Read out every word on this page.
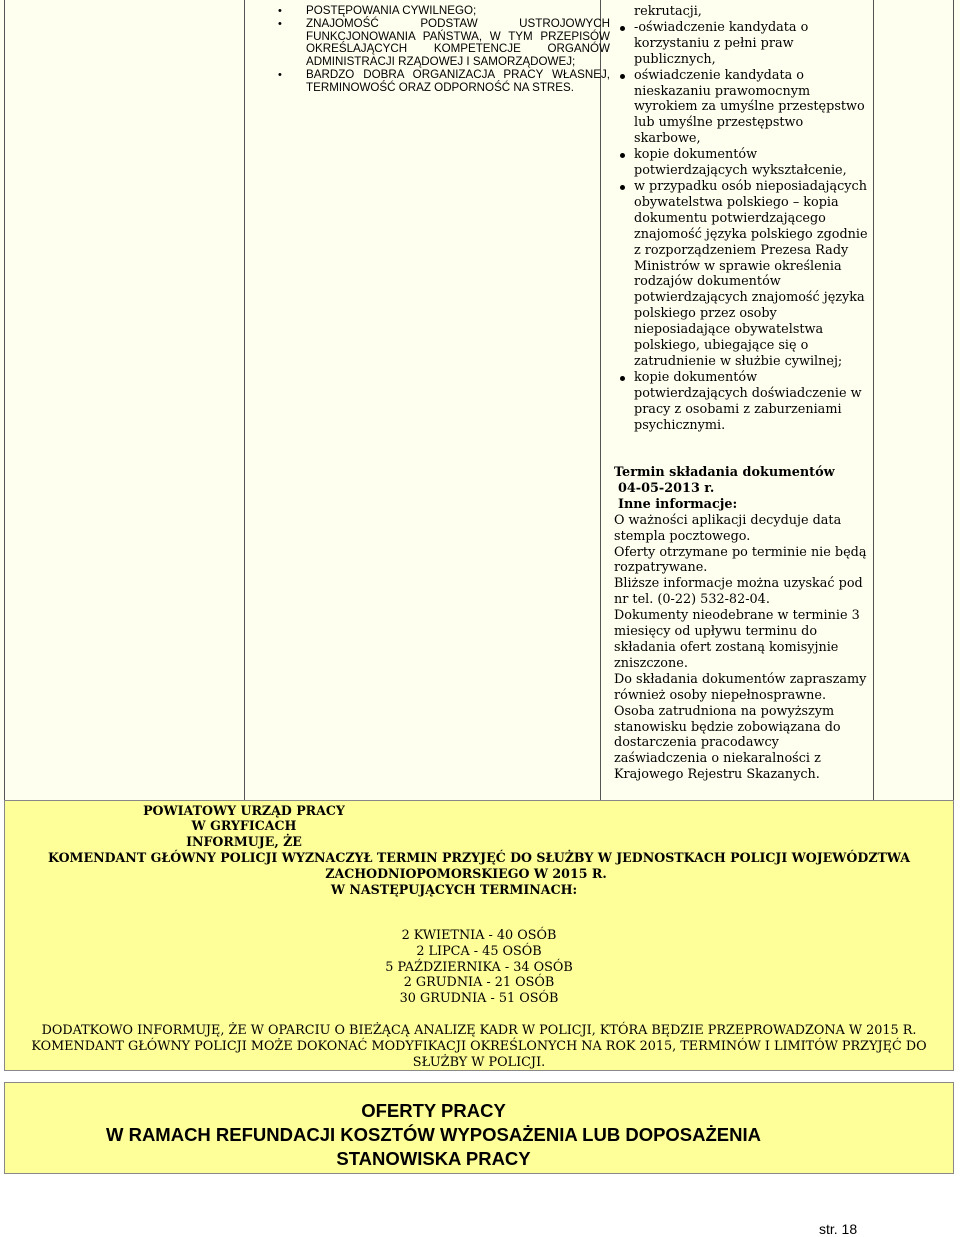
• POSTĘPOWANIA CYWILNEGO;
• ZNAJOMOŚĆ PODSTAW USTROJOWYCH FUNKCJONOWANIA PAŃSTWA, W TYM PRZEPISÓW OKREŚLAJĄCYCH KOMPETENCJE ORGANÓW ADMINISTRACJI RZĄDOWEJ I SAMORZĄDOWEJ;
• BARDZO DOBRA ORGANIZACJA PRACY WŁASNEJ, TERMINOWOŚĆ ORAZ ODPORNOŚĆ NA STRES.

rekrutacji,

-oświadczenie kandydata o korzystaniu z pełni praw publicznych,
oświadczenie kandydata o nieskazaniu prawomocnym wyrokiem za umyślne przestępstwo lub umyślne przestępstwo skarbowe,
kopie dokumentów potwierdzających wykształcenie,
w przypadku osób nieposiadających obywatelstwa polskiego – kopia dokumentu potwierdzającego znajomość języka polskiego zgodnie z rozporządzeniem Prezesa Rady Ministrów w sprawie określenia rodzajów dokumentów potwierdzających znajomość języka polskiego przez osoby nieposiadające obywatelstwa polskiego, ubiegające się o zatrudnienie w służbie cywilnej;
kopie dokumentów potwierdzających doświadczenie w pracy z osobami z zaburzeniami psychicznymi.

Termin składania dokumentów

04-05-2013 r.

Inne informacje:

O ważności aplikacji decyduje data stempla pocztowego.

Oferty otrzymane po terminie nie będą rozpatrywane.

Bliższe informacje można uzyskać pod nr tel. (0-22) 532-82-04.

Dokumenty nieodebrane w terminie 3 miesięcy od upływu terminu do składania ofert zostaną komisyjnie zniszczone.

Do składania dokumentów zapraszamy również osoby niepełnosprawne.

Osoba zatrudniona na powyższym stanowisku będzie zobowiązana do dostarczenia pracodawcy zaświadczenia o niekaralności z Krajowego Rejestru Skazanych.

POWIATOWY URZĄD PRACY
W GRYFICACH
INFORMUJE, ŻE
KOMENDANT GŁÓWNY POLICJI WYZNACZYŁ TERMIN PRZYJĘĆ DO SŁUŻBY W JEDNOSTKACH POLICJI WOJEWÓDZTWA
ZACHODNIOPOMORSKIEGO W 2015 R.
W NASTĘPUJĄCYCH TERMINACH:
2 KWIETNIA - 40 OSÓB
2 LIPCA - 45 OSÓB
5 PAŹDZIERNIKA - 34 OSÓB
2 GRUDNIA - 21 OSÓB
30 GRUDNIA - 51 OSÓB
DODATKOWO INFORMUJĘ, ŻE W OPARCIU O BIEŻĄCĄ ANALIZĘ KADR W POLICJI, KTÓRA BĘDZIE PRZEPROWADZONA W 2015 R. KOMENDANT GŁÓWNY POLICJI MOŻE DOKONAĆ MODYFIKACJI OKREŚLONYCH NA ROK 2015, TERMINÓW I LIMITÓW PRZYJĘĆ DO SŁUŻBY W POLICJI.
OFERTY PRACY
W RAMACH REFUNDACJI KOSZTÓW WYPOSAŻENIA LUB DOPOSAŻENIA
STANOWISKA PRACY
str. 18
